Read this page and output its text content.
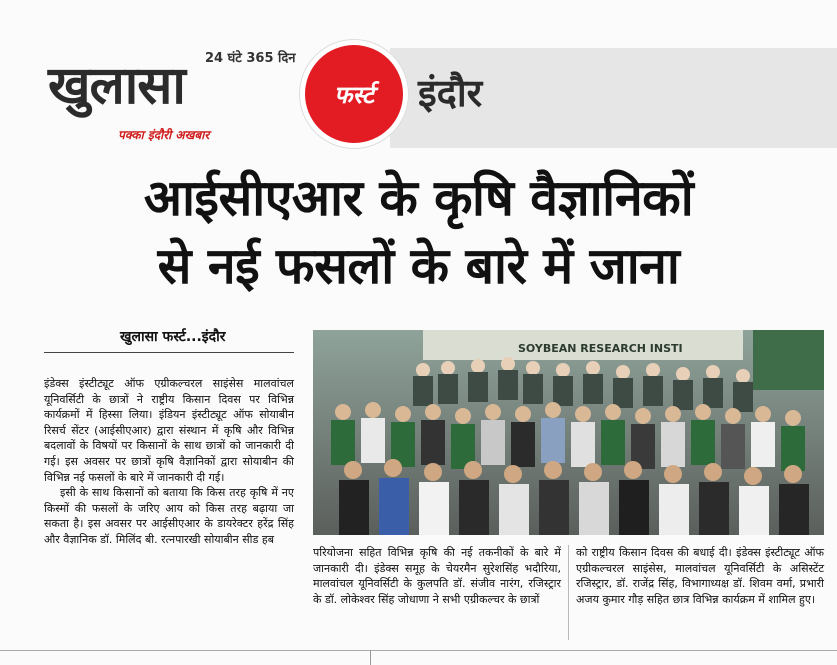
24 घंटे 365 दिन
खुलासा
पक्का इंदौरी अखबार
फर्स्ट इंदौर
आईसीएआर के कृषि वैज्ञानिकों
से नई फसलों के बारे में जाना
खुलासा फर्स्ट...इंदौर
SOYBEAN RESEARCH INSTI

इंडेक्स इंस्टीट्यूट ऑफ एग्रीकल्चरल साइंसेस मालवांचल यूनिवर्सिटी के छात्रों ने राष्ट्रीय किसान दिवस पर विभिन्न कार्यक्रमों में हिस्सा लिया। इंडियन इंस्टीट्यूट ऑफ सोयाबीन रिसर्च सेंटर (आईसीएआर) द्वारा संस्थान में कृषि और विभिन्न बदलावों के विषयों पर किसानों के साथ छात्रों को जानकारी दी गई। इस अवसर पर छात्रों कृषि वैज्ञानिकों द्वारा सोयाबीन की विभिन्न नई फसलों के बारे में जानकारी दी गई।

इसी के साथ किसानों को बताया कि किस तरह कृषि में नए किस्मों की फसलों के जरिए आय को किस तरह बढ़ाया जा सकता है। इस अवसर पर आईसीएआर के डायरेक्टर हरेंद्र सिंह और वैज्ञानिक डॉ. मिलिंद बी. रत्नपारखी सोयाबीन सीड हब

परियोजना सहित विभिन्न कृषि की नई तकनीकों के बारे में जानकारी दी। इंडेक्स समूह के चेयरमैन सुरेशसिंह भदौरिया, मालवांचल यूनिवर्सिटी के कुलपति डॉ. संजीव नारंग, रजिस्ट्रार के डॉ. लोकेश्वर सिंह जोधाणा ने सभी एग्रीकल्चर के छात्रों

को राष्ट्रीय किसान दिवस की बधाई दी। इंडेक्स इंस्टीट्यूट ऑफ एग्रीकल्चरल साइंसेस, मालवांचल यूनिवर्सिटी के असिस्टेंट रजिस्ट्रार, डॉ. राजेंद्र सिंह, विभागाध्यक्ष डॉ. शिवम वर्मा, प्रभारी अजय कुमार गौड़ सहित छात्र विभिन्न कार्यक्रम में शामिल हुए।
